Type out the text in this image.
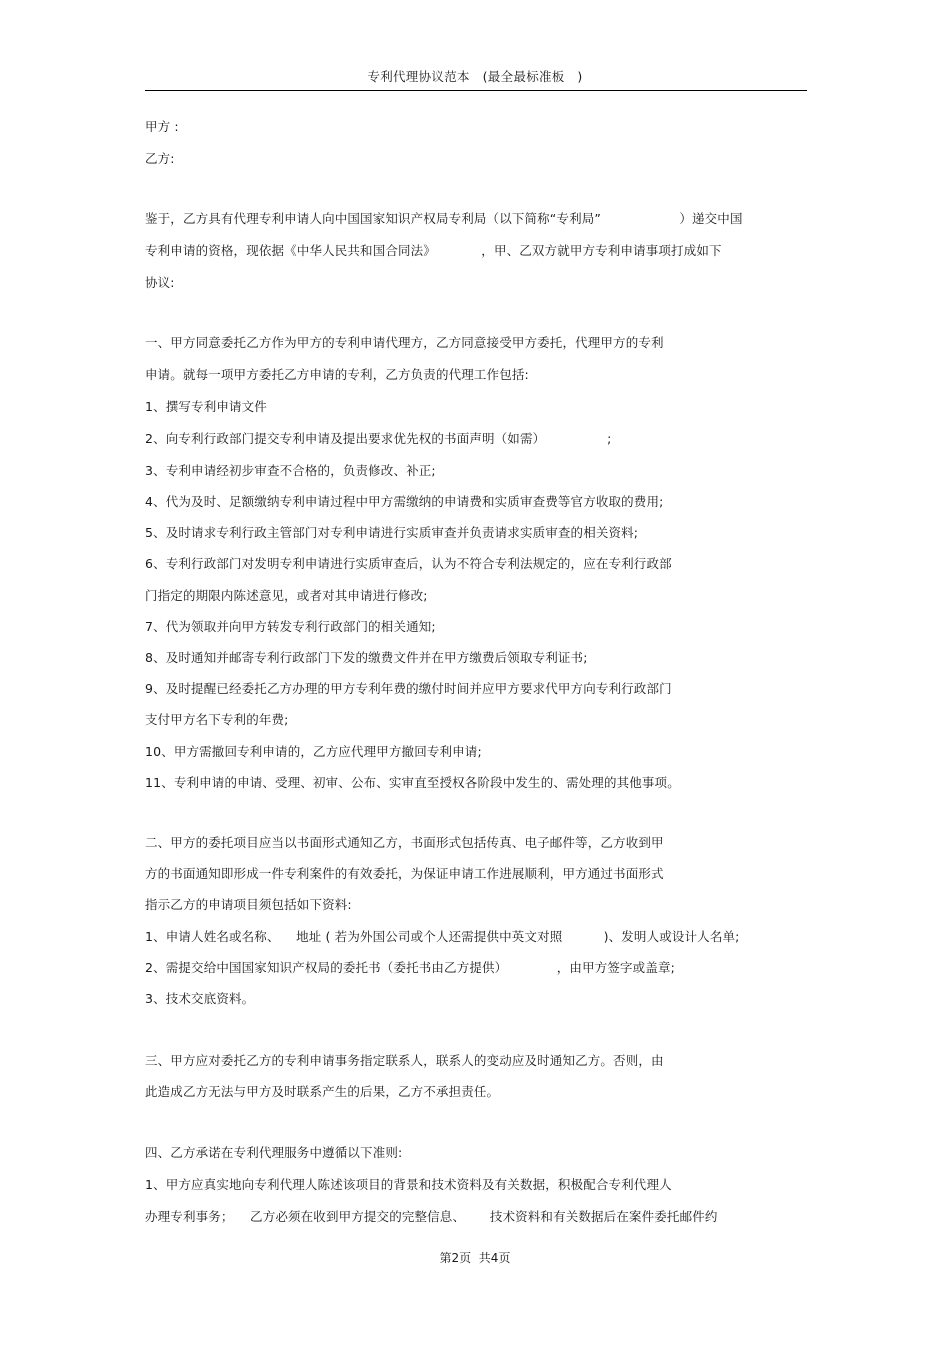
专利代理协议范本   (最全最标准板   )
甲方 :
乙方:
鉴于，乙方具有代理专利申请人向中国国家知识产权局专利局（以下简称“专利局”                   ）递交中国
专利申请的资格，现依据《中华人民共和国合同法》           ，甲、乙双方就甲方专利申请事项打成如下
协议:
一、甲方同意委托乙方作为甲方的专利申请代理方，乙方同意接受甲方委托，代理甲方的专利
申请。就每一项甲方委托乙方申请的专利，乙方负责的代理工作包括:
1、撰写专利申请文件
2、向专利行政部门提交专利申请及提出要求优先权的书面声明（如需）               ;
3、专利申请经初步审查不合格的，负责修改、补正;
4、代为及时、足额缴纳专利申请过程中甲方需缴纳的申请费和实质审查费等官方收取的费用;
5、及时请求专利行政主管部门对专利申请进行实质审查并负责请求实质审查的相关资料;
6、专利行政部门对发明专利申请进行实质审查后，认为不符合专利法规定的，应在专利行政部
门指定的期限内陈述意见，或者对其申请进行修改;
7、代为领取并向甲方转发专利行政部门的相关通知;
8、及时通知并邮寄专利行政部门下发的缴费文件并在甲方缴费后领取专利证书;
9、及时提醒已经委托乙方办理的甲方专利年费的缴付时间并应甲方要求代甲方向专利行政部门
支付甲方名下专利的年费;
10、甲方需撤回专利申请的，乙方应代理甲方撤回专利申请;
11、专利申请的申请、受理、初审、公布、实审直至授权各阶段中发生的、需处理的其他事项。
二、甲方的委托项目应当以书面形式通知乙方，书面形式包括传真、电子邮件等，乙方收到甲
方的书面通知即形成一件专利案件的有效委托，为保证申请工作进展顺利，甲方通过书面形式
指示乙方的申请项目须包括如下资料:
1、申请人姓名或名称、    地址 ( 若为外国公司或个人还需提供中英文对照          )、发明人或设计人名单;
2、需提交给中国国家知识产权局的委托书（委托书由乙方提供）            ，由甲方签字或盖章;
3、技术交底资料。
三、甲方应对委托乙方的专利申请事务指定联系人，联系人的变动应及时通知乙方。否则，由
此造成乙方无法与甲方及时联系产生的后果，乙方不承担责任。
四、乙方承诺在专利代理服务中遵循以下准则:
1、甲方应真实地向专利代理人陈述该项目的背景和技术资料及有关数据，积极配合专利代理人
办理专利事务；    乙方必须在收到甲方提交的完整信息、      技术资料和有关数据后在案件委托邮件约
第2页  共4页
